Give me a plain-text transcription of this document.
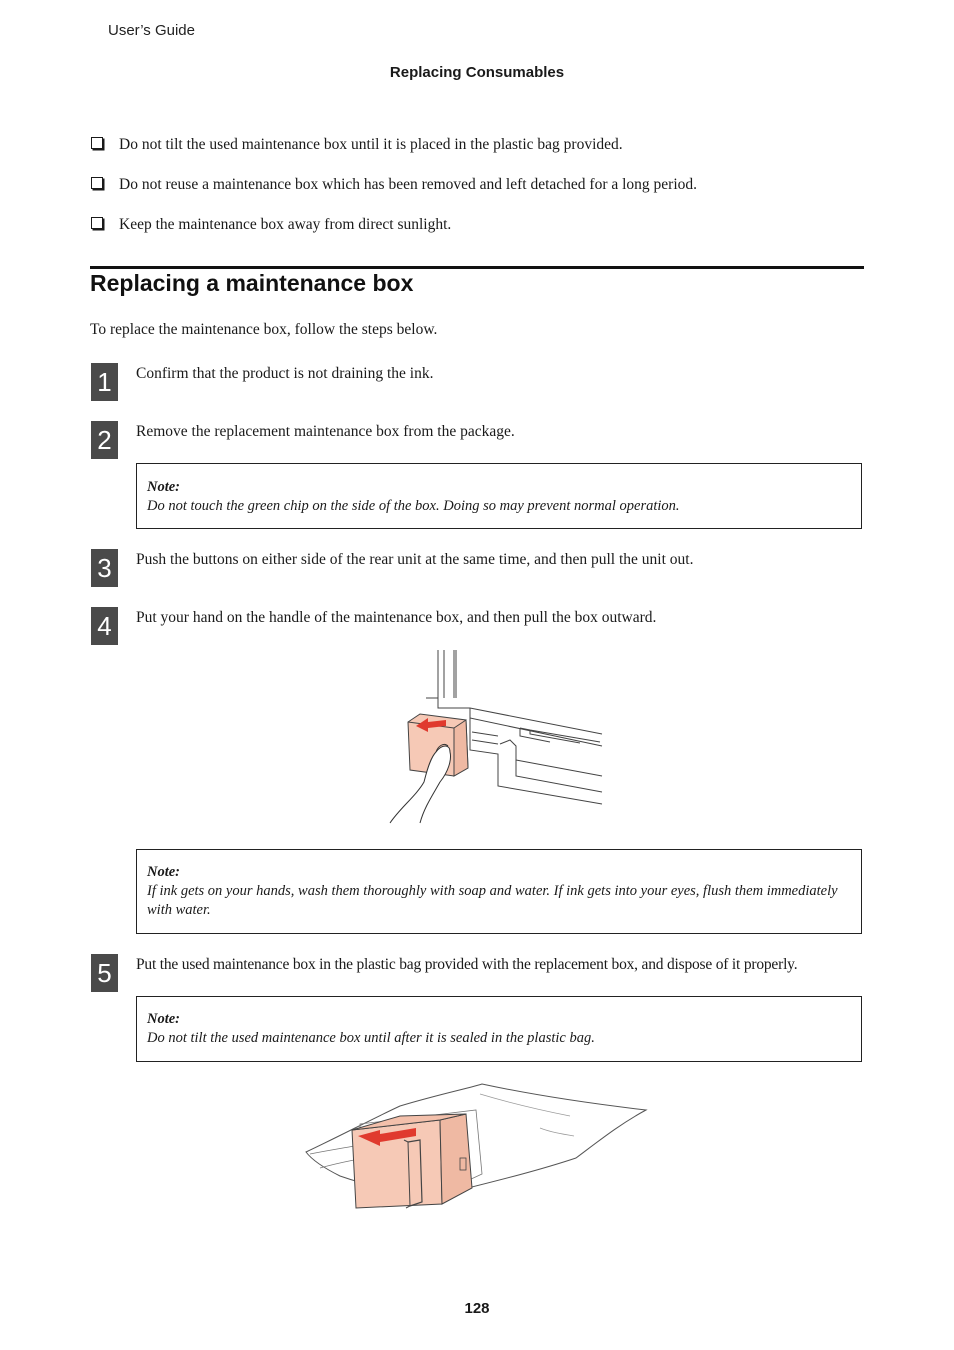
User’s Guide
Replacing Consumables
Do not tilt the used maintenance box until it is placed in the plastic bag provided.
Do not reuse a maintenance box which has been removed and left detached for a long period.
Keep the maintenance box away from direct sunlight.
Replacing a maintenance box
To replace the maintenance box, follow the steps below.
1	Confirm that the product is not draining the ink.
2	Remove the replacement maintenance box from the package.
Note:
Do not touch the green chip on the side of the box. Doing so may prevent normal operation.
3	Push the buttons on either side of the rear unit at the same time, and then pull the unit out.
4	Put your hand on the handle of the maintenance box, and then pull the box outward.
Note:
If ink gets on your hands, wash them thoroughly with soap and water. If ink gets into your eyes, flush them immediately with water.
5	Put the used maintenance box in the plastic bag provided with the replacement box, and dispose of it properly.
Note:
Do not tilt the used maintenance box until after it is sealed in the plastic bag.
128
